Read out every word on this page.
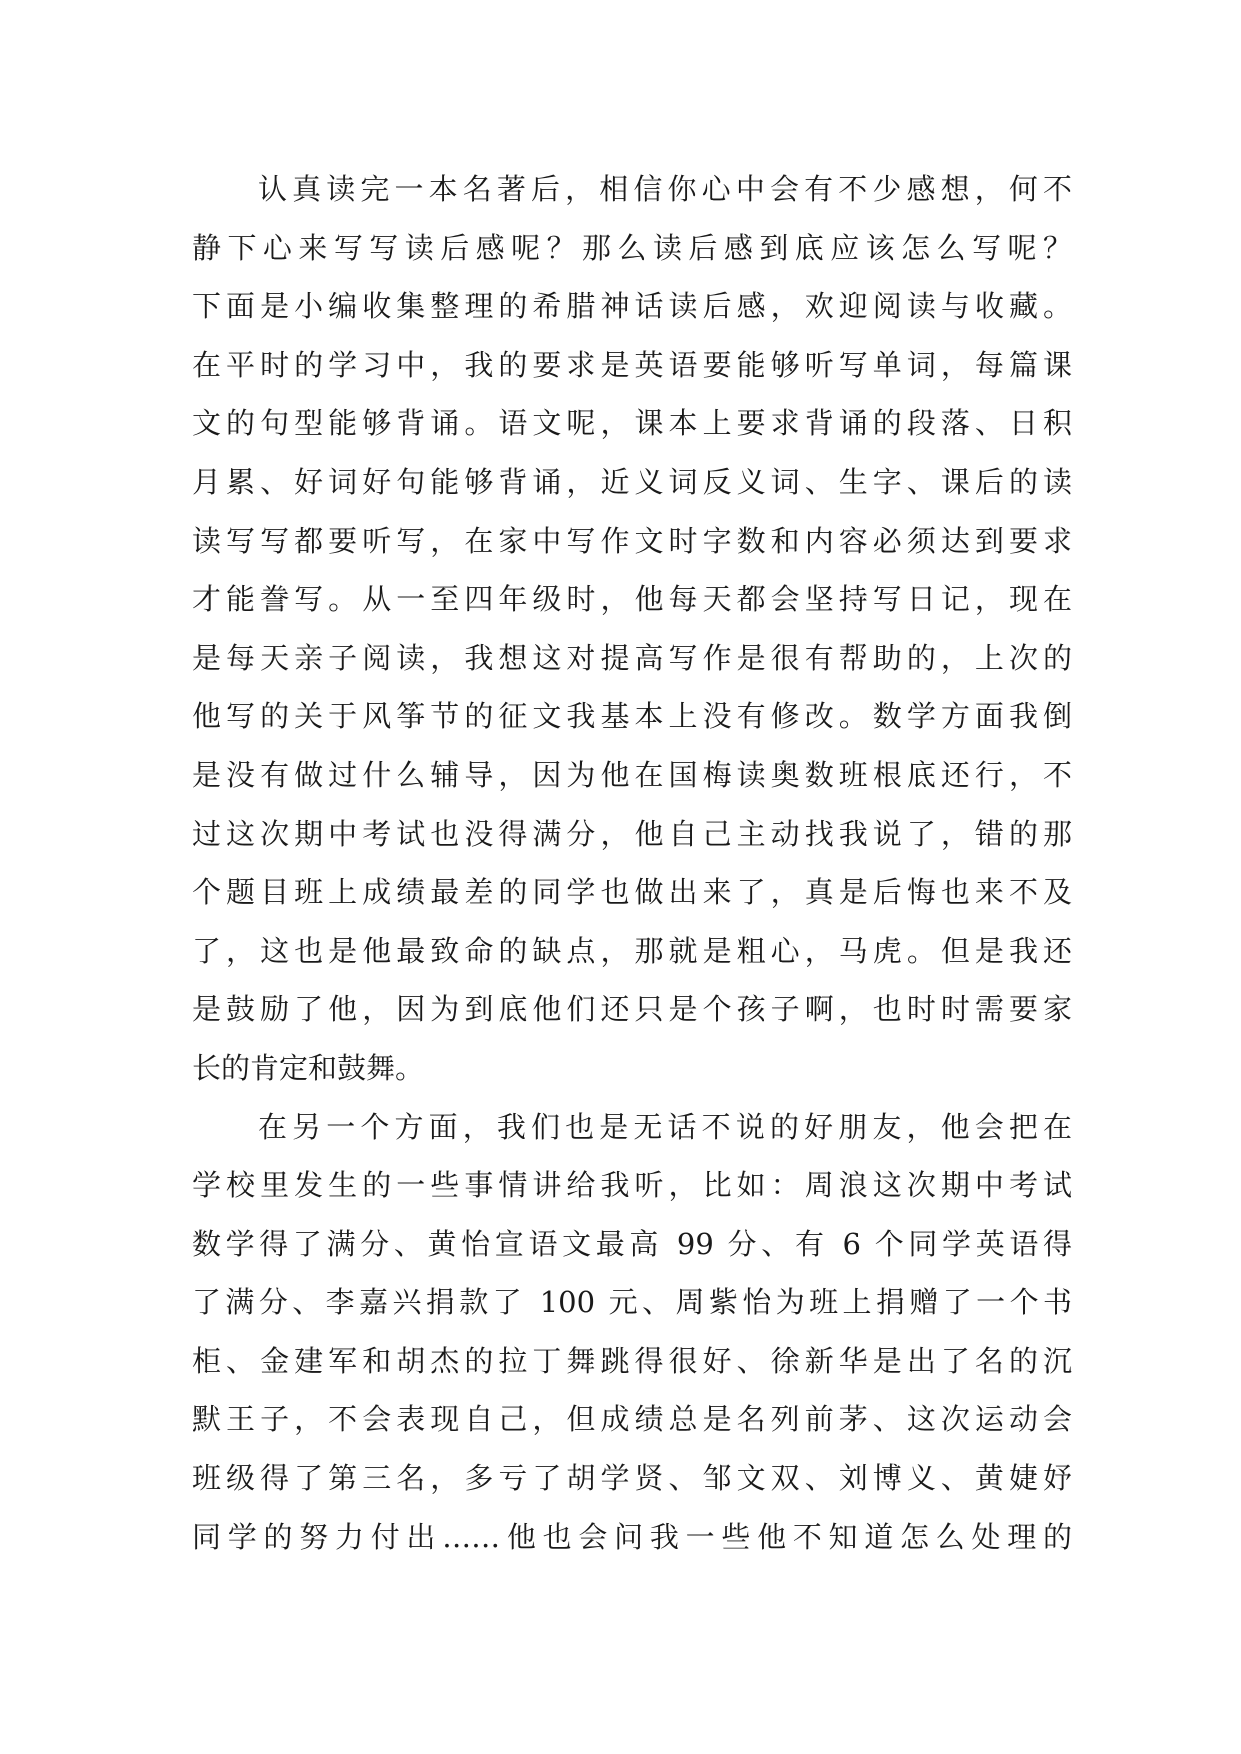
认真读完一本名著后，相信你心中会有不少感想，何不
静下心来写写读后感呢？那么读后感到底应该怎么写呢？
下面是小编收集整理的希腊神话读后感，欢迎阅读与收藏。
在平时的学习中，我的要求是英语要能够听写单词，每篇课
文的句型能够背诵。语文呢，课本上要求背诵的段落、日积
月累、好词好句能够背诵，近义词反义词、生字、课后的读
读写写都要听写，在家中写作文时字数和内容必须达到要求
才能誊写。从一至四年级时，他每天都会坚持写日记，现在
是每天亲子阅读，我想这对提高写作是很有帮助的，上次的
他写的关于风筝节的征文我基本上没有修改。数学方面我倒
是没有做过什么辅导，因为他在国梅读奥数班根底还行，不
过这次期中考试也没得满分，他自己主动找我说了，错的那
个题目班上成绩最差的同学也做出来了，真是后悔也来不及
了，这也是他最致命的缺点，那就是粗心，马虎。但是我还
是鼓励了他，因为到底他们还只是个孩子啊，也时时需要家
长的肯定和鼓舞。
在另一个方面，我们也是无话不说的好朋友，他会把在
学校里发生的一些事情讲给我听，比如：周浪这次期中考试
数学得了满分、黄怡宣语文最高 99 分、有 6 个同学英语得
了满分、李嘉兴捐款了 100 元、周紫怡为班上捐赠了一个书
柜、金建军和胡杰的拉丁舞跳得很好、徐新华是出了名的沉
默王子，不会表现自己，但成绩总是名列前茅、这次运动会
班级得了第三名，多亏了胡学贤、邹文双、刘博义、黄婕妤
同学的努力付出……他也会问我一些他不知道怎么处理的
